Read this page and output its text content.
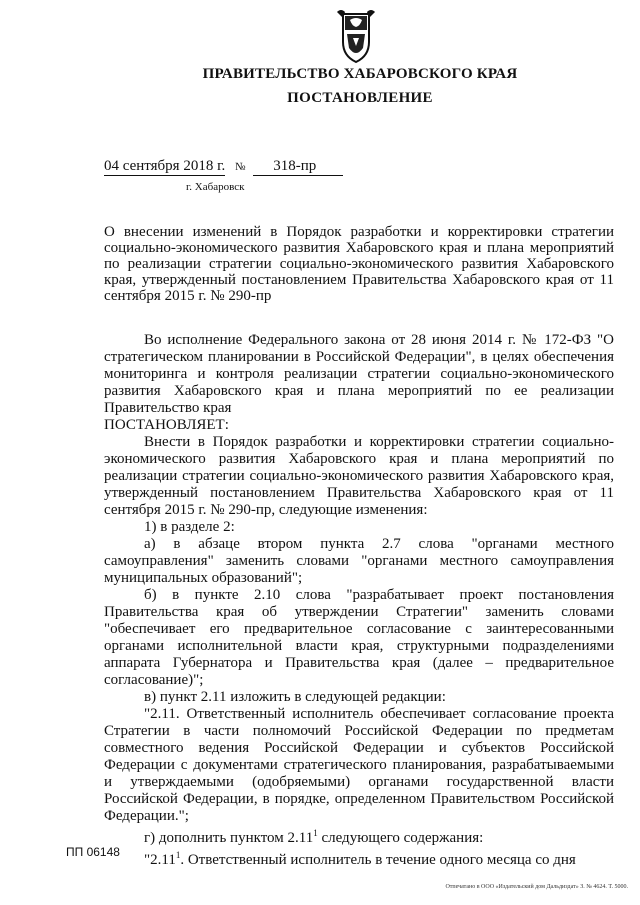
ПРАВИТЕЛЬСТВО ХАБАРОВСКОГО КРАЯ
ПОСТАНОВЛЕНИЕ
04 сентября 2018 г. № 318-пр
г. Хабаровск
О внесении изменений в Порядок разработки и корректировки стратегии социально-экономического развития Хабаровского края и плана мероприятий по реализации стратегии социально-экономического развития Хабаровского края, утвержденный постановлением Правительства Хабаровского края от 11 сентября 2015 г. № 290-пр

Во исполнение Федерального закона от 28 июня 2014 г. № 172-ФЗ "О стратегическом планировании в Российской Федерации", в целях обеспечения мониторинга и контроля реализации стратегии социально-экономического развития Хабаровского края и плана мероприятий по ее реализации Правительство края

ПОСТАНОВЛЯЕТ:

Внести в Порядок разработки и корректировки стратегии социально-экономического развития Хабаровского края и плана мероприятий по реализации стратегии социально-экономического развития Хабаровского края, утвержденный постановлением Правительства Хабаровского края от 11 сентября 2015 г. № 290-пр, следующие изменения:

1) в разделе 2:

а) в абзаце втором пункта 2.7 слова "органами местного самоуправления" заменить словами "органами местного самоуправления муниципальных образований";

б) в пункте 2.10 слова "разрабатывает проект постановления Правительства края об утверждении Стратегии" заменить словами "обеспечивает его предварительное согласование с заинтересованными органами исполнительной власти края, структурными подразделениями аппарата Губернатора и Правительства края (далее – предварительное согласование)";

в) пункт 2.11 изложить в следующей редакции:

"2.11. Ответственный исполнитель обеспечивает согласование проекта Стратегии в части полномочий Российской Федерации по предметам совместного ведения Российской Федерации и субъектов Российской Федерации с документами стратегического планирования, разрабатываемыми и утверждаемыми (одобряемыми) органами государственной власти Российской Федерации, в порядке, определенном Правительством Российской Федерации.";

г) дополнить пунктом 2.11$^1$ следующего содержания:

"2.11$^1$. Ответственный исполнитель в течение одного месяца со дня

ПП 06148
Отпечатано в ООО «Издательский дом Дальдиздат» З. № 4624. Т. 5000.
